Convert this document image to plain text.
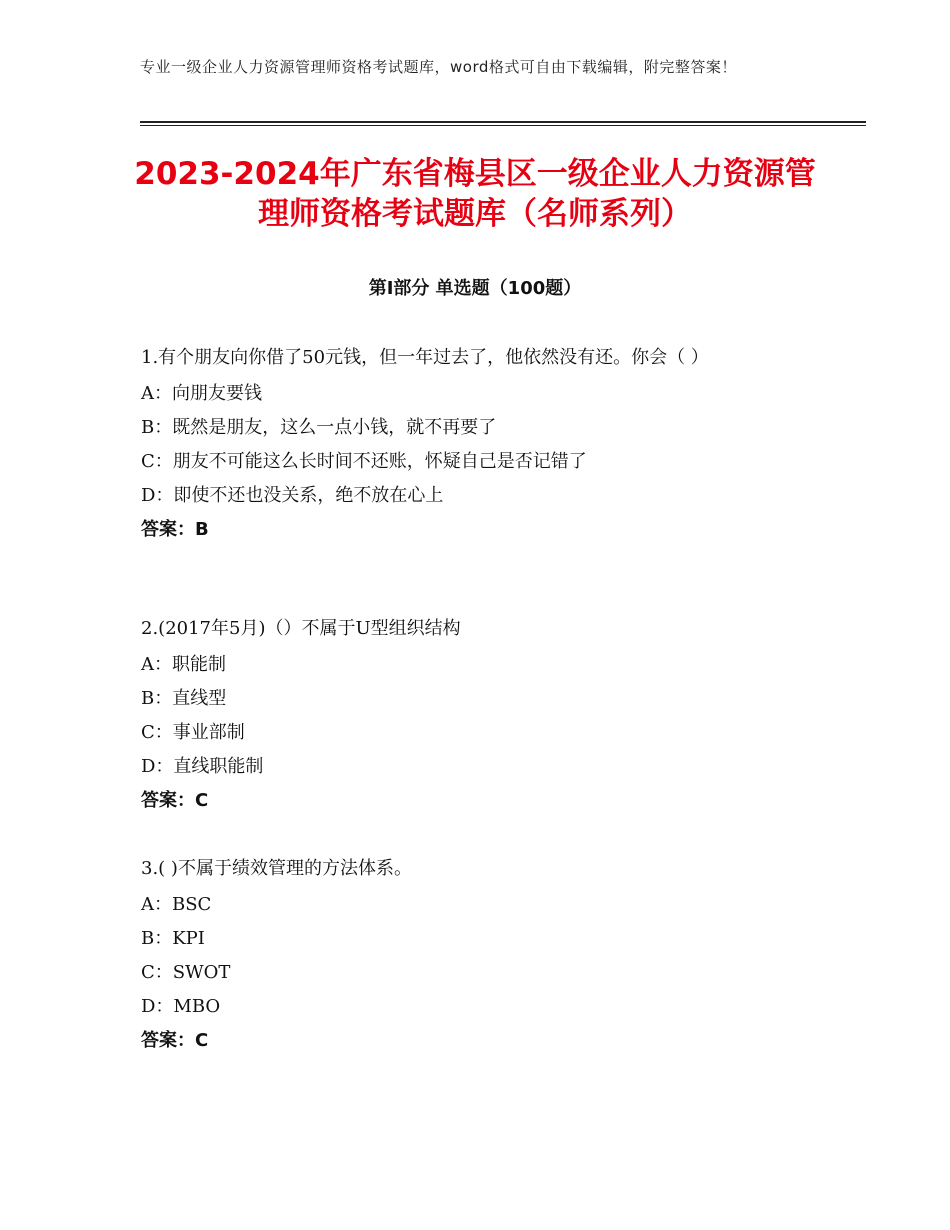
专业一级企业人力资源管理师资格考试题库，word格式可自由下载编辑，附完整答案！
2023-2024年广东省梅县区一级企业人力资源管理师资格考试题库（名师系列）
第Ⅰ部分 单选题（100题）
1.有个朋友向你借了50元钱，但一年过去了，他依然没有还。你会（ ）
A：向朋友要钱
B：既然是朋友，这么一点小钱，就不再要了
C：朋友不可能这么长时间不还账，怀疑自己是否记错了
D：即使不还也没关系，绝不放在心上
答案：B
2.(2017年5月)（）不属于U型组织结构
A：职能制
B：直线型
C：事业部制
D：直线职能制
答案：C
3.( )不属于绩效管理的方法体系。
A：BSC
B：KPI
C：SWOT
D：MBO
答案：C
